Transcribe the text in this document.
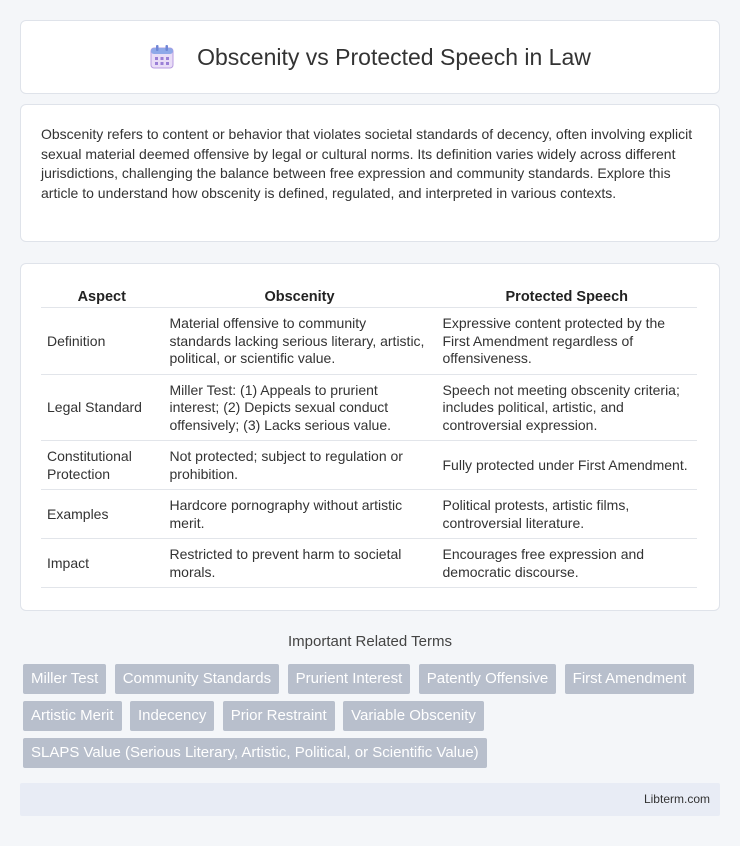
Obscenity vs Protected Speech in Law

Obscenity refers to content or behavior that violates societal standards of decency, often involving explicit sexual material deemed offensive by legal or cultural norms. Its definition varies widely across different jurisdictions, challenging the balance between free expression and community standards. Explore this article to understand how obscenity is defined, regulated, and interpreted in various contexts.

Aspect	Obscenity	Protected Speech
Definition	Material offensive to community standards lacking serious literary, artistic, political, or scientific value.	Expressive content protected by the First Amendment regardless of offensiveness.
Legal Standard	Miller Test: (1) Appeals to prurient interest; (2) Depicts sexual conduct offensively; (3) Lacks serious value.	Speech not meeting obscenity criteria; includes political, artistic, and controversial expression.
Constitutional Protection	Not protected; subject to regulation or prohibition.	Fully protected under First Amendment.
Examples	Hardcore pornography without artistic merit.	Political protests, artistic films, controversial literature.
Impact	Restricted to prevent harm to societal morals.	Encourages free expression and democratic discourse.
Important Related Terms
Miller Test Community Standards Prurient Interest Patently Offensive First Amendment Artistic Merit Indecency Prior Restraint Variable Obscenity SLAPS Value (Serious Literary, Artistic, Political, or Scientific Value)
Libterm.com
